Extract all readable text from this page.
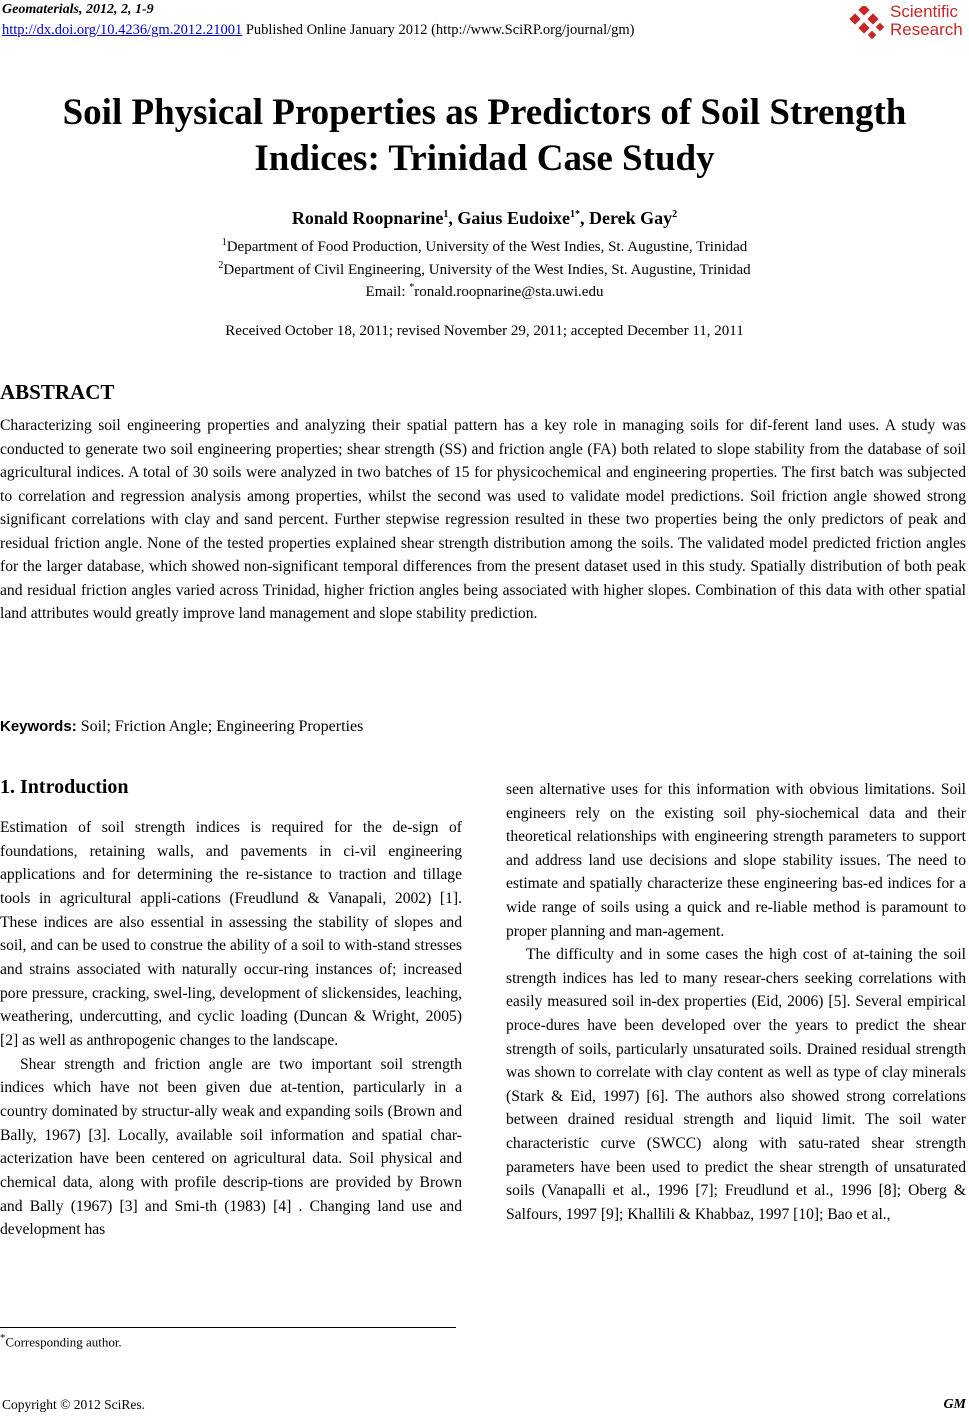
Geomaterials, 2012, 2, 1-9
http://dx.doi.org/10.4236/gm.2012.21001 Published Online January 2012 (http://www.SciRP.org/journal/gm)
Scientific
Research
Soil Physical Properties as Predictors of Soil Strength
Indices: Trinidad Case Study
Ronald Roopnarine$^1$, Gaius Eudoixe$^{1*}$, Derek Gay$^2$
$^1$Department of Food Production, University of the West Indies, St. Augustine, Trinidad
$^2$Department of Civil Engineering, University of the West Indies, St. Augustine, Trinidad
Email: *ronald.roopnarine@sta.uwi.edu
Received October 18, 2011; revised November 29, 2011; accepted December 11, 2011
ABSTRACT
Characterizing soil engineering properties and analyzing their spatial pattern has a key role in managing soils for dif-ferent land uses. A study was conducted to generate two soil engineering properties; shear strength (SS) and friction angle (FA) both related to slope stability from the database of soil agricultural indices. A total of 30 soils were analyzed in two batches of 15 for physicochemical and engineering properties. The first batch was subjected to correlation and regression analysis among properties, whilst the second was used to validate model predictions. Soil friction angle showed strong significant correlations with clay and sand percent. Further stepwise regression resulted in these two properties being the only predictors of peak and residual friction angle. None of the tested properties explained shear strength distribution among the soils. The validated model predicted friction angles for the larger database, which showed non-significant temporal differences from the present dataset used in this study. Spatially distribution of both peak and residual friction angles varied across Trinidad, higher friction angles being associated with higher slopes. Combination of this data with other spatial land attributes would greatly improve land management and slope stability prediction.
Keywords: Soil; Friction Angle; Engineering Properties
1. Introduction

Estimation of soil strength indices is required for the de-sign of foundations, retaining walls, and pavements in ci-vil engineering applications and for determining the re-sistance to traction and tillage tools in agricultural appli-cations (Freudlund & Vanapali, 2002) [1]. These indices are also essential in assessing the stability of slopes and soil, and can be used to construe the ability of a soil to with-stand stresses and strains associated with naturally occur-ring instances of; increased pore pressure, cracking, swel-ling, development of slickensides, leaching, weathering, undercutting, and cyclic loading (Duncan & Wright, 2005) [2] as well as anthropogenic changes to the landscape.

Shear strength and friction angle are two important soil strength indices which have not been given due at-tention, particularly in a country dominated by structur-ally weak and expanding soils (Brown and Bally, 1967) [3]. Locally, available soil information and spatial char-acterization have been centered on agricultural data. Soil physical and chemical data, along with profile descrip-tions are provided by Brown and Bally (1967) [3] and Smi-th (1983) [4] . Changing land use and development has

seen alternative uses for this information with obvious limitations. Soil engineers rely on the existing soil phy-siochemical data and their theoretical relationships with engineering strength parameters to support and address land use decisions and slope stability issues. The need to estimate and spatially characterize these engineering bas-ed indices for a wide range of soils using a quick and re-liable method is paramount to proper planning and man-agement.

The difficulty and in some cases the high cost of at-taining the soil strength indices has led to many resear-chers seeking correlations with easily measured soil in-dex properties (Eid, 2006) [5]. Several empirical proce-dures have been developed over the years to predict the shear strength of soils, particularly unsaturated soils. Drained residual strength was shown to correlate with clay content as well as type of clay minerals (Stark & Eid, 1997) [6]. The authors also showed strong correlations between drained residual strength and liquid limit. The soil water characteristic curve (SWCC) along with satu-rated shear strength parameters have been used to predict the shear strength of unsaturated soils (Vanapalli et al., 1996 [7]; Freudlund et al., 1996 [8]; Oberg & Salfours, 1997 [9]; Khallili & Khabbaz, 1997 [10]; Bao et al.,

*Corresponding author.
Copyright © 2012 SciRes.	GM
